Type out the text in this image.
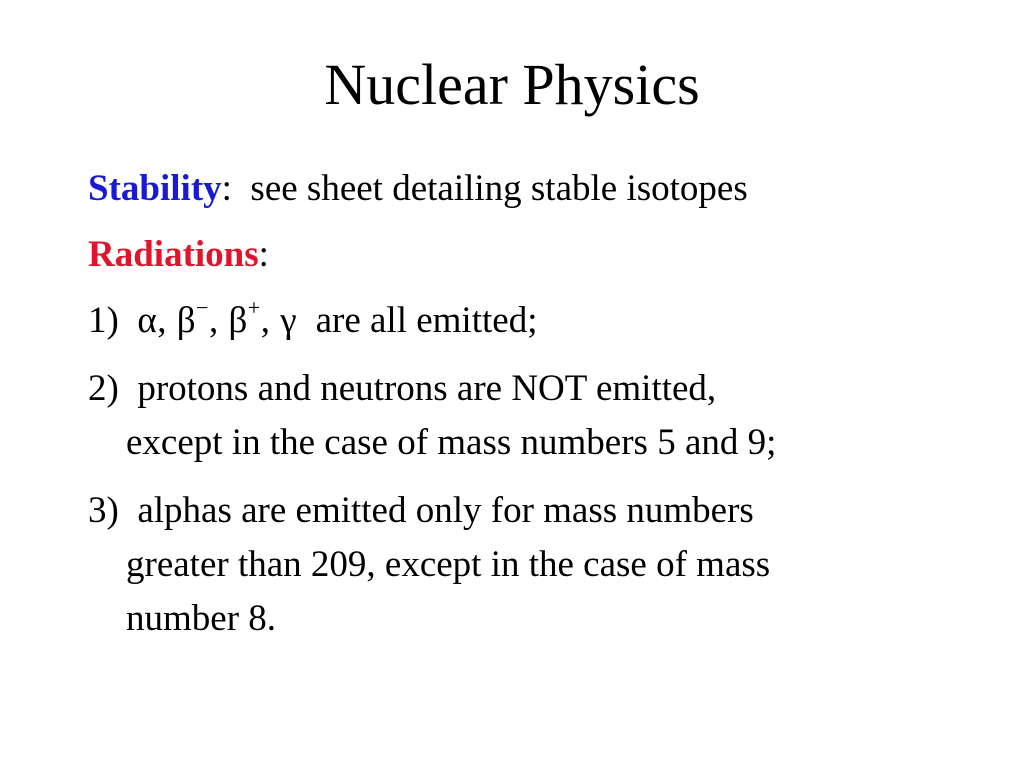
Nuclear Physics
Stability: see sheet detailing stable isotopes
Radiations:
1) α, β−, β+, γ are all emitted;
2) protons and neutrons are NOT emitted,
except in the case of mass numbers 5 and 9;
3) alphas are emitted only for mass numbers
greater than 209, except in the case of mass
number 8.
